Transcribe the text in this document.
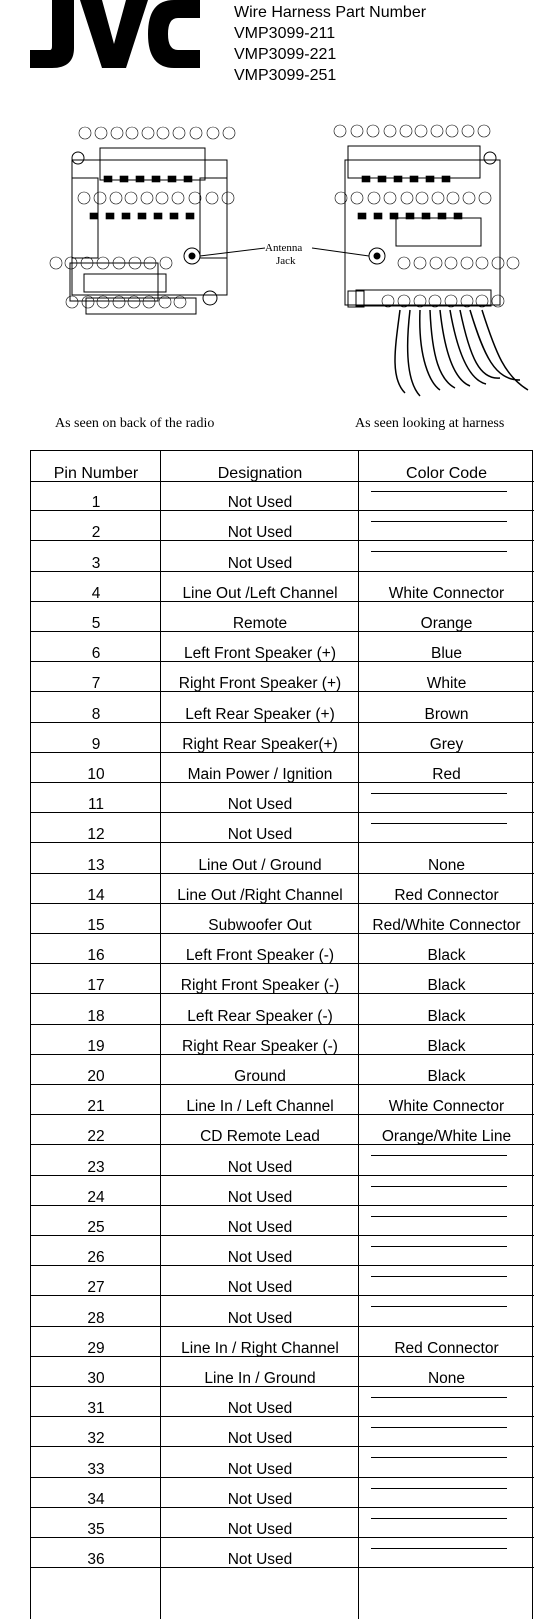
Wire Harness Part Number
VMP3099-211
VMP3099-221
VMP3099-251
Antenna
Jack
As seen on back of the radio	As seen looking at harness
Pin Number	Designation	Color Code
1	Not Used
2	Not Used
3	Not Used
4	Line Out /Left Channel	White Connector
5	Remote	Orange
6	Left Front Speaker (+)	Blue
7	Right Front Speaker (+)	White
8	Left Rear Speaker (+)	Brown
9	Right Rear Speaker(+)	Grey
10	Main Power / Ignition	Red
11	Not Used
12	Not Used
13	Line Out / Ground	None
14	Line Out /Right Channel	Red Connector
15	Subwoofer Out	Red/White Connector
16	Left Front Speaker (-)	Black
17	Right Front Speaker (-)	Black
18	Left Rear Speaker (-)	Black
19	Right Rear Speaker (-)	Black
20	Ground	Black
21	Line In / Left Channel	White Connector
22	CD Remote Lead	Orange/White Line
23	Not Used
24	Not Used
25	Not Used
26	Not Used
27	Not Used
28	Not Used
29	Line In / Right Channel	Red Connector
30	Line In / Ground	None
31	Not Used
32	Not Used
33	Not Used
34	Not Used
35	Not Used
36	Not Used
